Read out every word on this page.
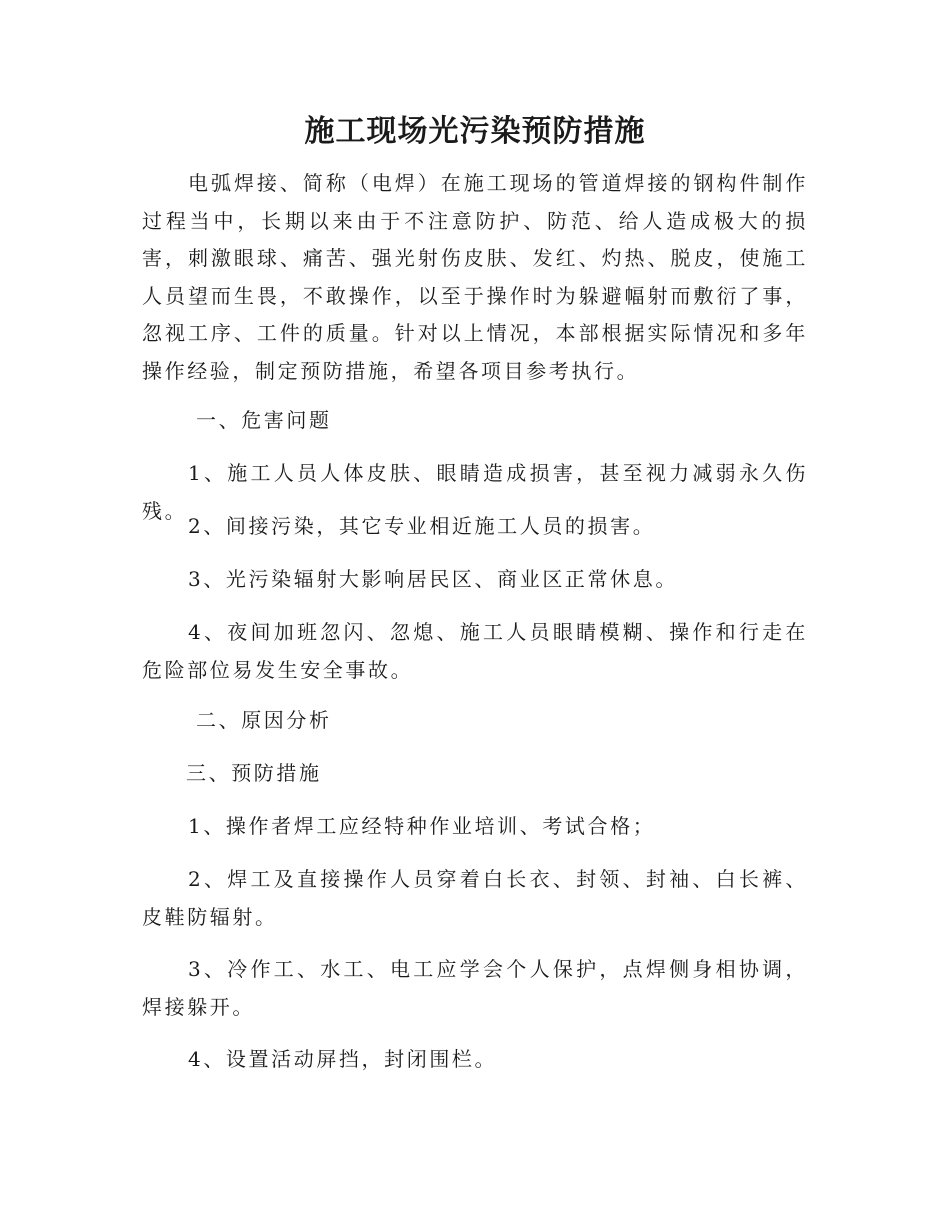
施工现场光污染预防措施

电弧焊接、简称（电焊）在施工现场的管道焊接的钢构件制作过程当中，长期以来由于不注意防护、防范、给人造成极大的损害，刺激眼球、痛苦、强光射伤皮肤、发红、灼热、脱皮，使施工人员望而生畏，不敢操作，以至于操作时为躲避幅射而敷衍了事，忽视工序、工件的质量。针对以上情况，本部根据实际情况和多年操作经验，制定预防措施，希望各项目参考执行。

一、危害问题

1、施工人员人体皮肤、眼睛造成损害，甚至视力减弱永久伤残。

2、间接污染，其它专业相近施工人员的损害。

3、光污染辐射大影响居民区、商业区正常休息。

4、夜间加班忽闪、忽熄、施工人员眼睛模糊、操作和行走在危险部位易发生安全事故。

二、原因分析

三、预防措施

1、操作者焊工应经特种作业培训、考试合格；

2、焊工及直接操作人员穿着白长衣、封领、封袖、白长裤、皮鞋防辐射。

3、冷作工、水工、电工应学会个人保护，点焊侧身相协调，焊接躲开。

4、设置活动屏挡，封闭围栏。
